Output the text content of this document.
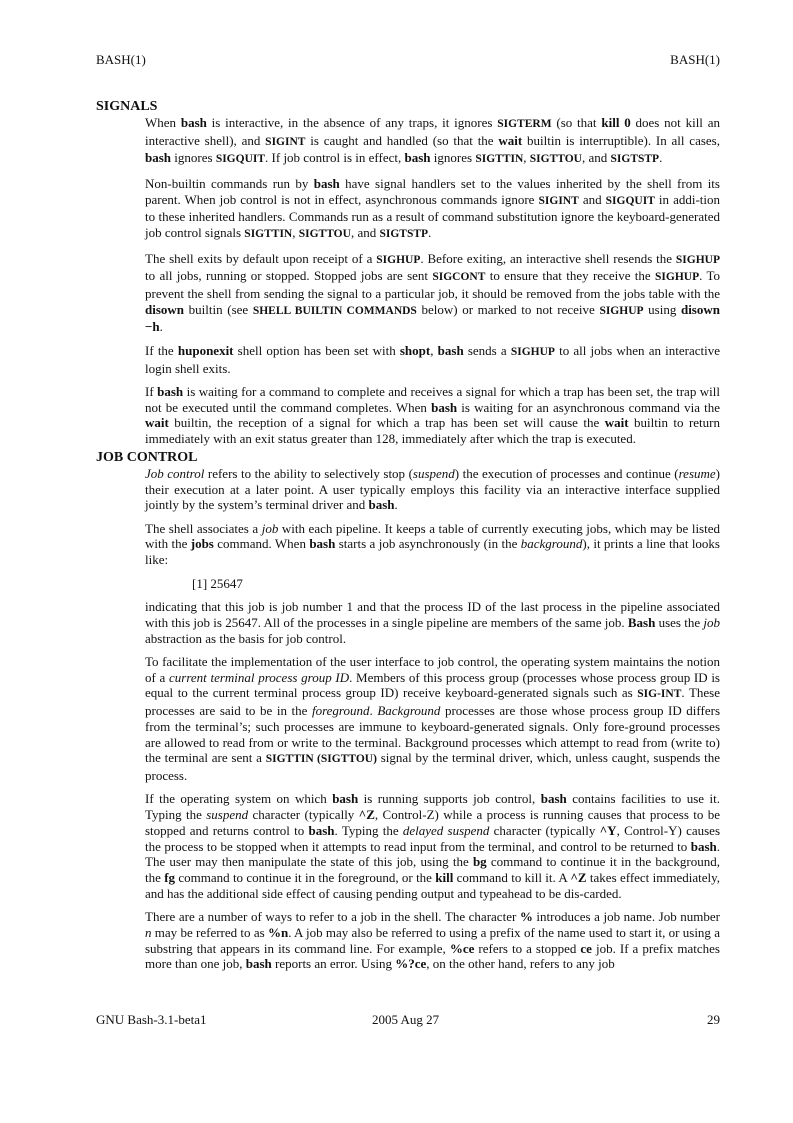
BASH(1)	BASH(1)
SIGNALS

When bash is interactive, in the absence of any traps, it ignores SIGTERM (so that kill 0 does not kill an interactive shell), and SIGINT is caught and handled (so that the wait builtin is interruptible). In all cases, bash ignores SIGQUIT. If job control is in effect, bash ignores SIGTTIN, SIGTTOU, and SIGTSTP.

Non-builtin commands run by bash have signal handlers set to the values inherited by the shell from its parent. When job control is not in effect, asynchronous commands ignore SIGINT and SIGQUIT in addi-tion to these inherited handlers. Commands run as a result of command substitution ignore the keyboard-generated job control signals SIGTTIN, SIGTTOU, and SIGTSTP.

The shell exits by default upon receipt of a SIGHUP. Before exiting, an interactive shell resends the SIGHUP to all jobs, running or stopped. Stopped jobs are sent SIGCONT to ensure that they receive the SIGHUP. To prevent the shell from sending the signal to a particular job, it should be removed from the jobs table with the disown builtin (see SHELL BUILTIN COMMANDS below) or marked to not receive SIGHUP using disown −h.

If the huponexit shell option has been set with shopt, bash sends a SIGHUP to all jobs when an interactive login shell exits.

If bash is waiting for a command to complete and receives a signal for which a trap has been set, the trap will not be executed until the command completes. When bash is waiting for an asynchronous command via the wait builtin, the reception of a signal for which a trap has been set will cause the wait builtin to return immediately with an exit status greater than 128, immediately after which the trap is executed.

JOB CONTROL

Job control refers to the ability to selectively stop (suspend) the execution of processes and continue (resume) their execution at a later point. A user typically employs this facility via an interactive interface supplied jointly by the system’s terminal driver and bash.

The shell associates a job with each pipeline. It keeps a table of currently executing jobs, which may be listed with the jobs command. When bash starts a job asynchronously (in the background), it prints a line that looks like:

[1] 25647

indicating that this job is job number 1 and that the process ID of the last process in the pipeline associated with this job is 25647. All of the processes in a single pipeline are members of the same job. Bash uses the job abstraction as the basis for job control.

To facilitate the implementation of the user interface to job control, the operating system maintains the notion of a current terminal process group ID. Members of this process group (processes whose process group ID is equal to the current terminal process group ID) receive keyboard-generated signals such as SIG-INT. These processes are said to be in the foreground. Background processes are those whose process group ID differs from the terminal’s; such processes are immune to keyboard-generated signals. Only fore-ground processes are allowed to read from or write to the terminal. Background processes which attempt to read from (write to) the terminal are sent a SIGTTIN (SIGTTOU) signal by the terminal driver, which, unless caught, suspends the process.

If the operating system on which bash is running supports job control, bash contains facilities to use it. Typing the suspend character (typically ^Z, Control-Z) while a process is running causes that process to be stopped and returns control to bash. Typing the delayed suspend character (typically ^Y, Control-Y) causes the process to be stopped when it attempts to read input from the terminal, and control to be returned to bash. The user may then manipulate the state of this job, using the bg command to continue it in the background, the fg command to continue it in the foreground, or the kill command to kill it. A ^Z takes effect immediately, and has the additional side effect of causing pending output and typeahead to be dis-carded.

There are a number of ways to refer to a job in the shell. The character % introduces a job name. Job number n may be referred to as %n. A job may also be referred to using a prefix of the name used to start it, or using a substring that appears in its command line. For example, %ce refers to a stopped ce job. If a prefix matches more than one job, bash reports an error. Using %?ce, on the other hand, refers to any job

GNU Bash-3.1-beta1	2005 Aug 27	29
